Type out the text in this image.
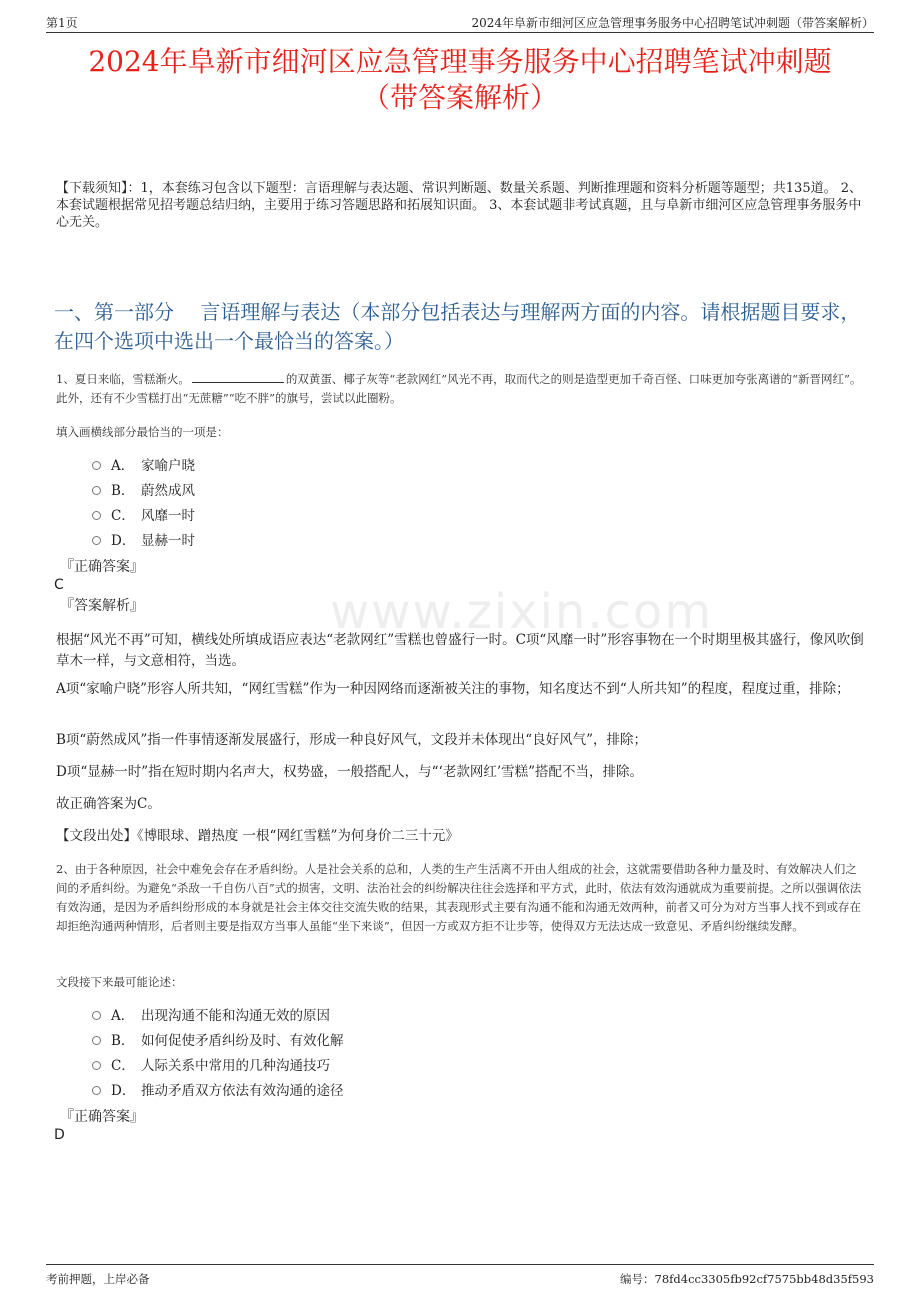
第1页	2024年阜新市细河区应急管理事务服务中心招聘笔试冲刺题（带答案解析）
2024年阜新市细河区应急管理事务服务中心招聘笔试冲刺题
（带答案解析）
【下载须知】：1，本套练习包含以下题型：言语理解与表达题、常识判断题、数量关系题、判断推理题和资料分析题等题型；共135道。 2、本套试题根据常见招考题总结归纳，主要用于练习答题思路和拓展知识面。 3、本套试题非考试真题，且与阜新市细河区应急管理事务服务中心无关。
一、第一部分　 言语理解与表达（本部分包括表达与理解两方面的内容。请根据题目要求，在四个选项中选出一个最恰当的答案。）
www.zixin.com
1、夏日来临，雪糕渐火。	的双黄蛋、椰子灰等“老款网红”风光不再，取而代之的则是造型更加千奇百怪、口味更加夸张离谱的“新晋网红”。此外，还有不少雪糕打出“无蔗糖”“吃不胖”的旗号，尝试以此圈粉。
填入画横线部分最恰当的一项是：
A． 家喻户晓
B． 蔚然成风
C． 风靡一时
D． 显赫一时
『正确答案』
C
『答案解析』
根据“风光不再”可知，横线处所填成语应表达“老款网红”雪糕也曾盛行一时。C项“风靡一时”形容事物在一个时期里极其盛行，像风吹倒草木一样，与文意相符，当选。
A项“家喻户晓”形容人所共知，“网红雪糕”作为一种因网络而逐渐被关注的事物，知名度达不到“人所共知”的程度，程度过重，排除；
B项“蔚然成风”指一件事情逐渐发展盛行，形成一种良好风气，文段并未体现出“良好风气”，排除；
D项“显赫一时”指在短时期内名声大，权势盛，一般搭配人，与“‘老款网红’雪糕”搭配不当，排除。
故正确答案为C。
【文段出处】《博眼球、蹭热度 一根“网红雪糕”为何身价二三十元》
2、由于各种原因，社会中难免会存在矛盾纠纷。人是社会关系的总和，人类的生产生活离不开由人组成的社会，这就需要借助各种力量及时、有效解决人们之间的矛盾纠纷。为避免“杀敌一千自伤八百”式的损害，文明、法治社会的纠纷解决往往会选择和平方式，此时，依法有效沟通就成为重要前提。之所以强调依法有效沟通，是因为矛盾纠纷形成的本身就是社会主体交往交流失败的结果，其表现形式主要有沟通不能和沟通无效两种，前者又可分为对方当事人找不到或存在却拒绝沟通两种情形，后者则主要是指双方当事人虽能“坐下来谈”，但因一方或双方拒不让步等，使得双方无法达成一致意见、矛盾纠纷继续发酵。
文段接下来最可能论述：
A． 出现沟通不能和沟通无效的原因
B． 如何促使矛盾纠纷及时、有效化解
C． 人际关系中常用的几种沟通技巧
D． 推动矛盾双方依法有效沟通的途径
『正确答案』
D
考前押题，上岸必备	编号：78fd4cc3305fb92cf7575bb48d35f593
